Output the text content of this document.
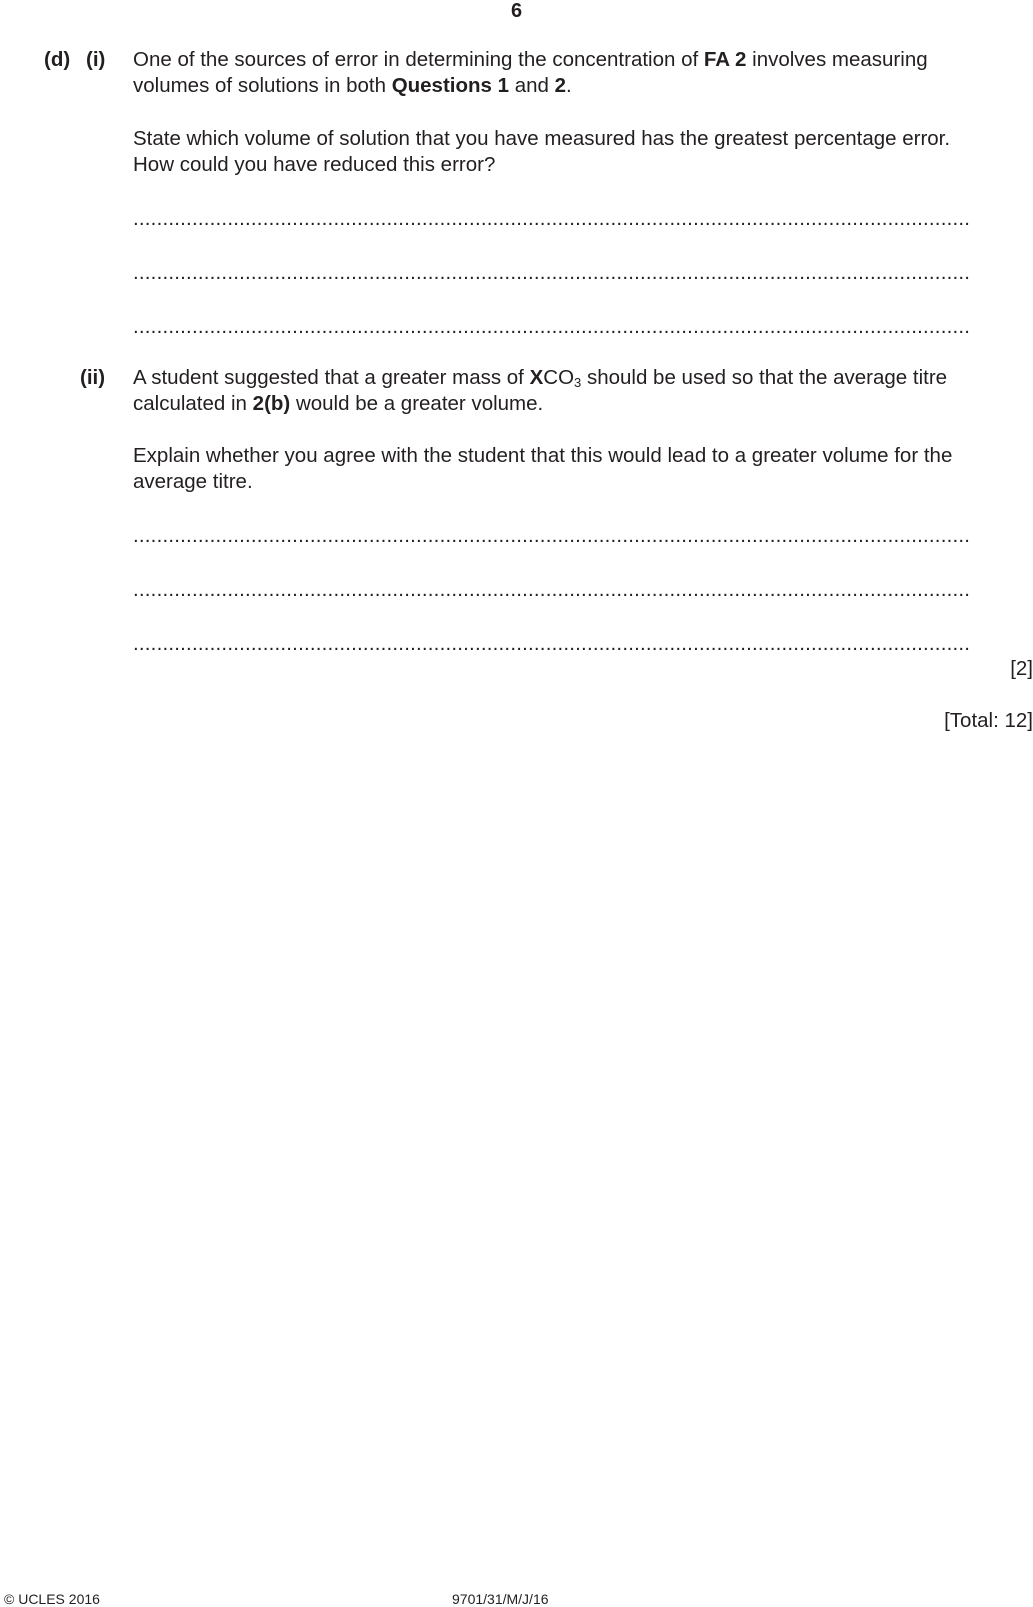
6
(d) (i) One of the sources of error in determining the concentration of FA 2 involves measuring
volumes of solutions in both Questions 1 and 2.
State which volume of solution that you have measured has the greatest percentage error.
How could you have reduced this error?
..............................................................................................................................................
..............................................................................................................................................
..............................................................................................................................................
(ii) A student suggested that a greater mass of $XCO_3$ should be used so that the average titre
calculated in 2(b) would be a greater volume.
Explain whether you agree with the student that this would lead to a greater volume for the
average titre.
..............................................................................................................................................
..............................................................................................................................................
..............................................................................................................................................
[2]
[Total: 12]
© UCLES 2016	9701/31/M/J/16
